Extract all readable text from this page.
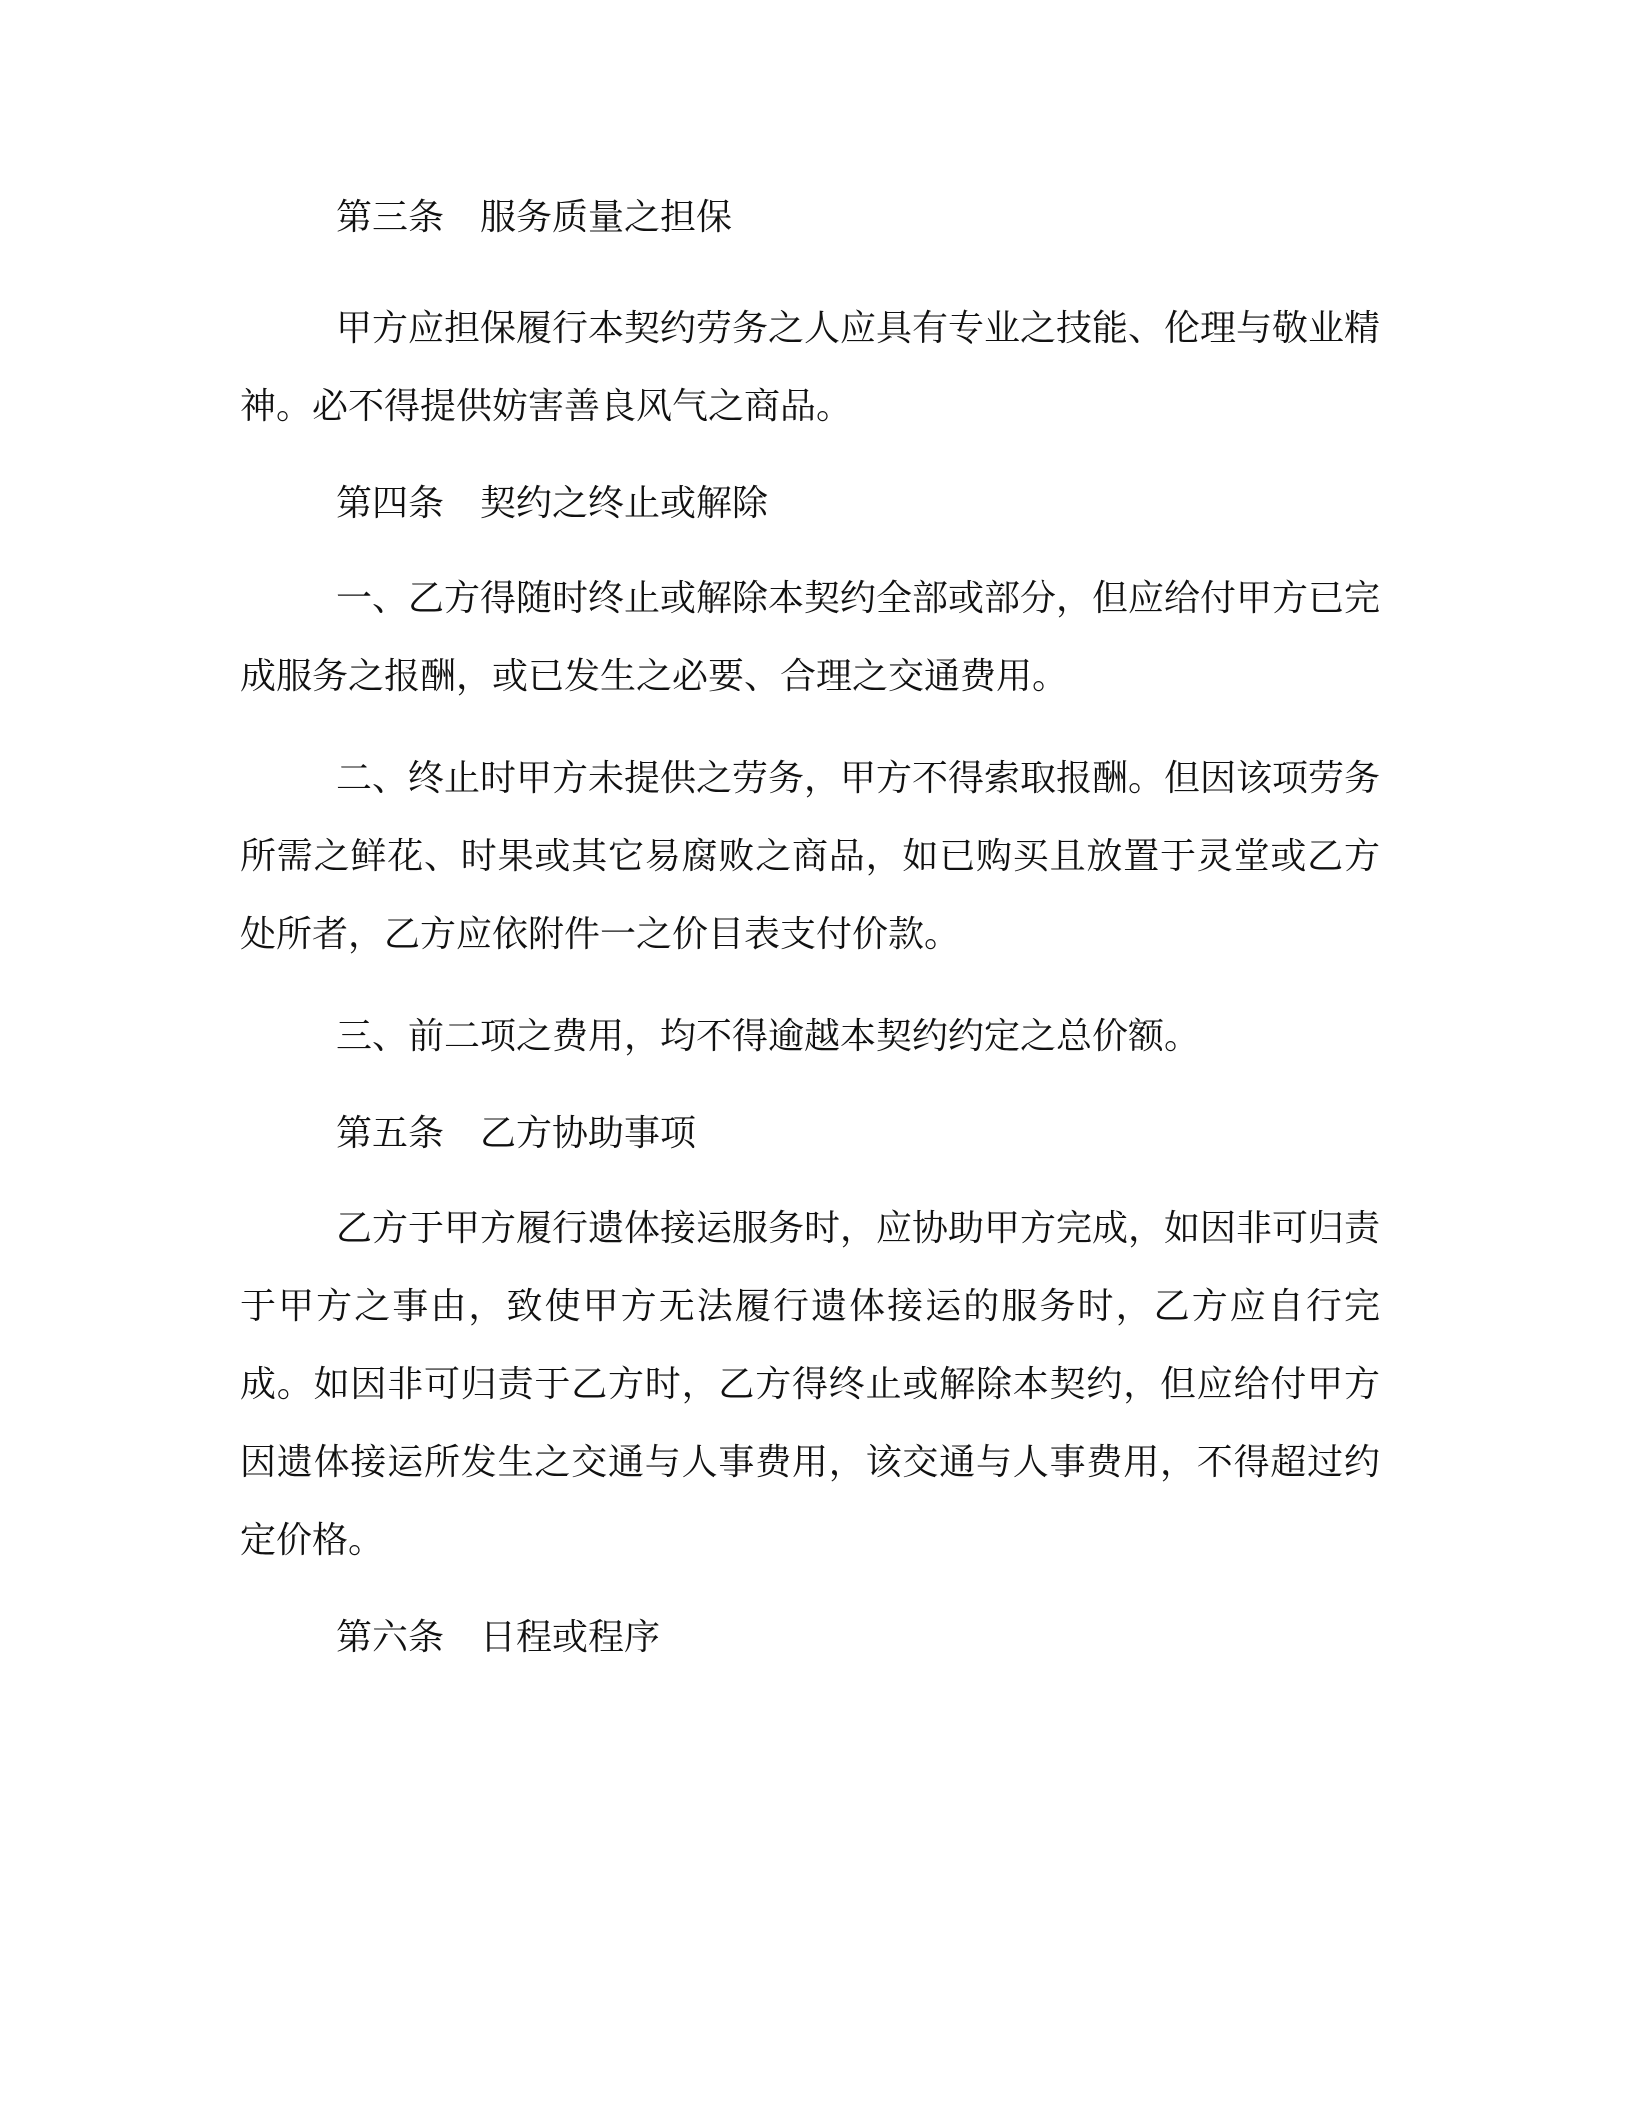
第三条 服务质量之担保

甲方应担保履行本契约劳务之人应具有专业之技能、伦理与敬业精神。必不得提供妨害善良风气之商品。

第四条 契约之终止或解除

一、乙方得随时终止或解除本契约全部或部分，但应给付甲方已完成服务之报酬，或已发生之必要、合理之交通费用。

二、终止时甲方未提供之劳务，甲方不得索取报酬。但因该项劳务所需之鲜花、时果或其它易腐败之商品，如已购买且放置于灵堂或乙方处所者，乙方应依附件一之价目表支付价款。

三、前二项之费用，均不得逾越本契约约定之总价额。

第五条 乙方协助事项

乙方于甲方履行遗体接运服务时，应协助甲方完成，如因非可归责于甲方之事由，致使甲方无法履行遗体接运的服务时，乙方应自行完成。如因非可归责于乙方时，乙方得终止或解除本契约，但应给付甲方因遗体接运所发生之交通与人事费用，该交通与人事费用，不得超过约定价格。

第六条 日程或程序
